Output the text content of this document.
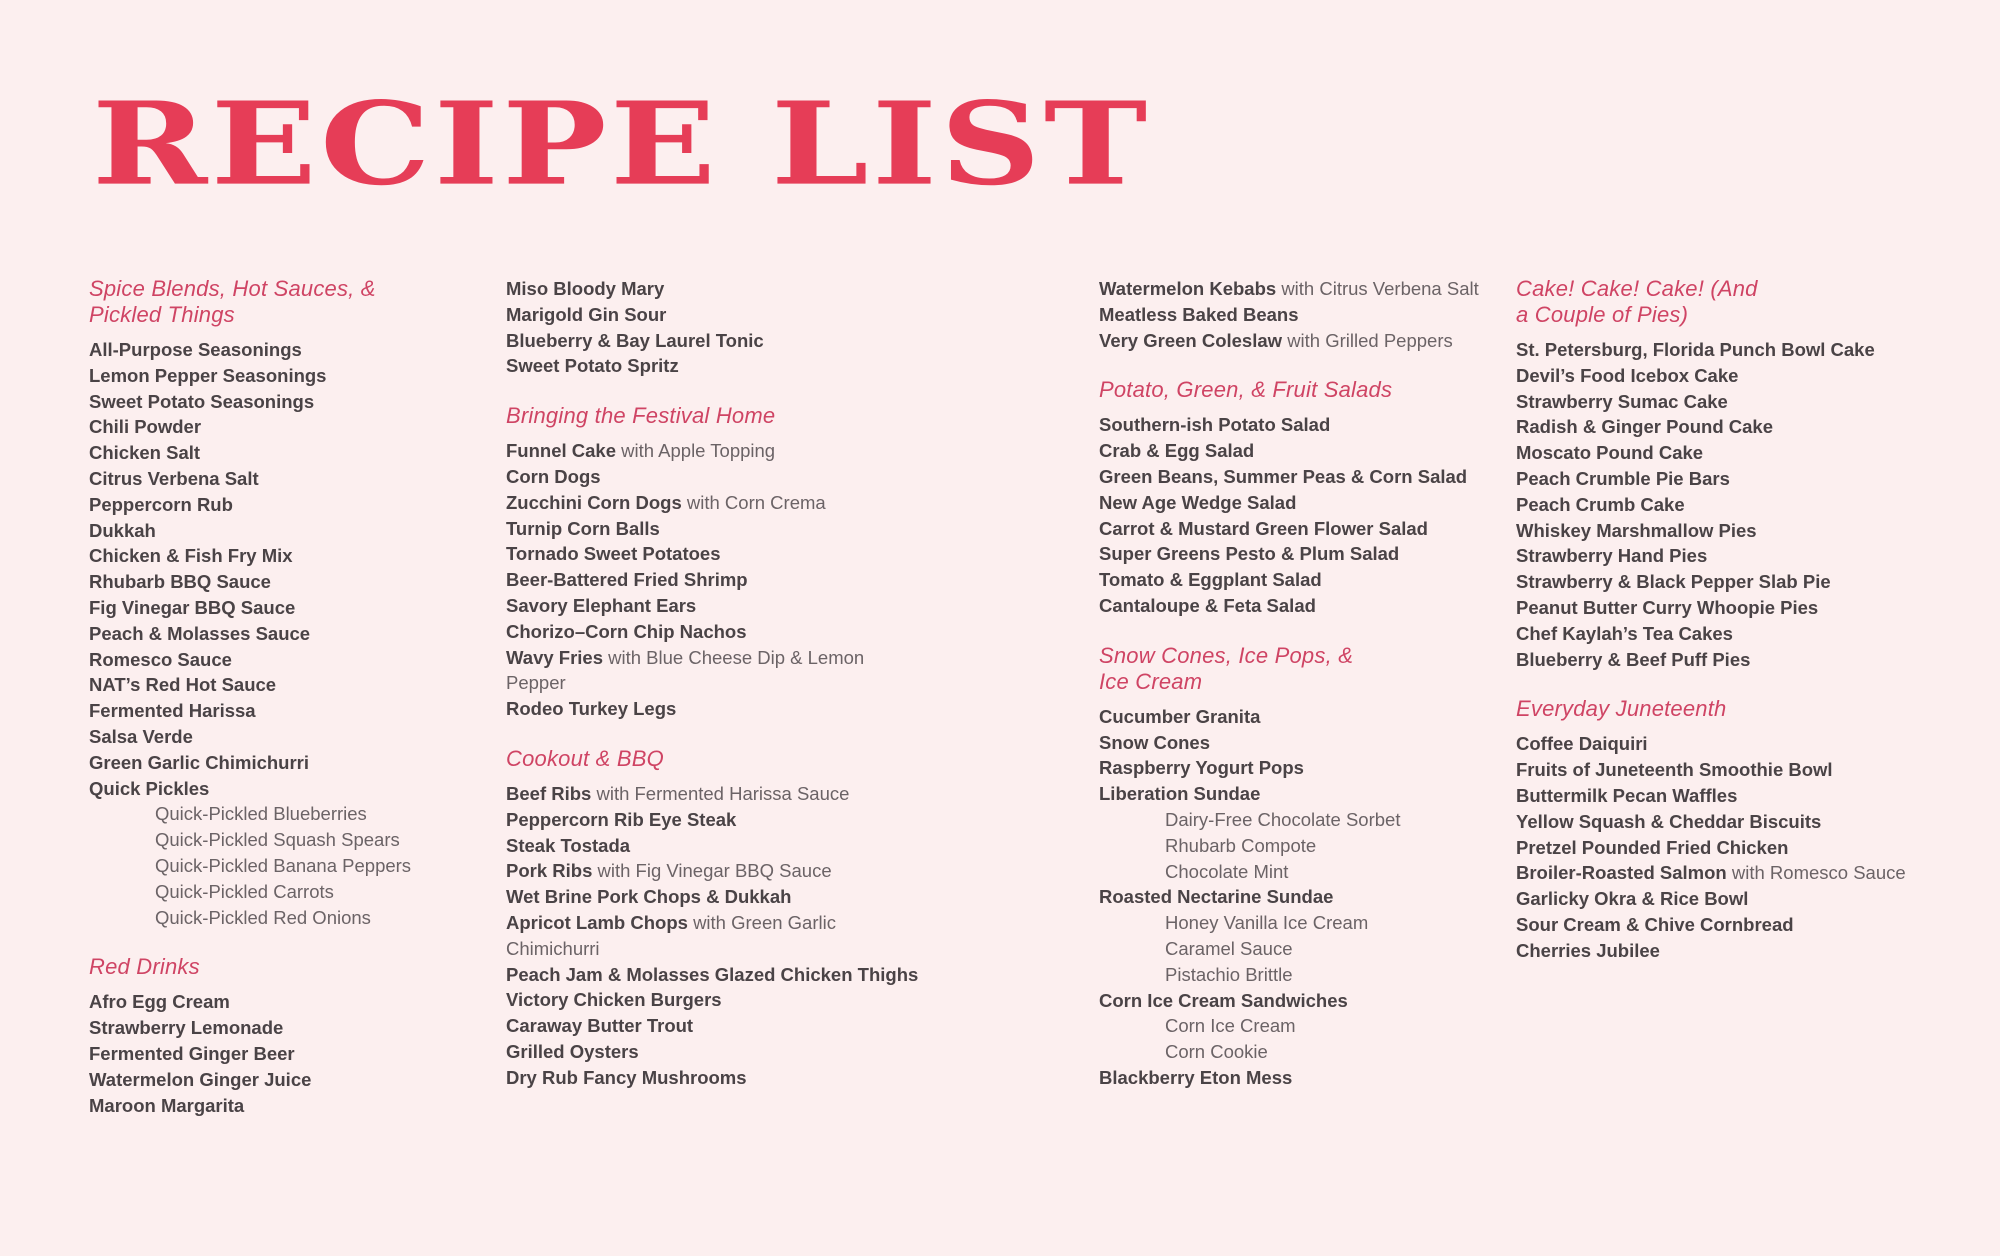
RECIPE LIST
Spice Blends, Hot Sauces, & Pickled Things
All-Purpose Seasonings
Lemon Pepper Seasonings
Sweet Potato Seasonings
Chili Powder
Chicken Salt
Citrus Verbena Salt
Peppercorn Rub
Dukkah
Chicken & Fish Fry Mix
Rhubarb BBQ Sauce
Fig Vinegar BBQ Sauce
Peach & Molasses Sauce
Romesco Sauce
NAT’s Red Hot Sauce
Fermented Harissa
Salsa Verde
Green Garlic Chimichurri
Quick Pickles
Quick-Pickled Blueberries
Quick-Pickled Squash Spears
Quick-Pickled Banana Peppers
Quick-Pickled Carrots
Quick-Pickled Red Onions
Red Drinks
Afro Egg Cream
Strawberry Lemonade
Fermented Ginger Beer
Watermelon Ginger Juice
Maroon Margarita
Miso Bloody Mary
Marigold Gin Sour
Blueberry & Bay Laurel Tonic
Sweet Potato Spritz
Bringing the Festival Home
Funnel Cake with Apple Topping
Corn Dogs
Zucchini Corn Dogs with Corn Crema
Turnip Corn Balls
Tornado Sweet Potatoes
Beer-Battered Fried Shrimp
Savory Elephant Ears
Chorizo–Corn Chip Nachos
Wavy Fries with Blue Cheese Dip & Lemon Pepper
Rodeo Turkey Legs
Cookout & BBQ
Beef Ribs with Fermented Harissa Sauce
Peppercorn Rib Eye Steak
Steak Tostada
Pork Ribs with Fig Vinegar BBQ Sauce
Wet Brine Pork Chops & Dukkah
Apricot Lamb Chops with Green Garlic Chimichurri
Peach Jam & Molasses Glazed Chicken Thighs
Victory Chicken Burgers
Caraway Butter Trout
Grilled Oysters
Dry Rub Fancy Mushrooms
Watermelon Kebabs with Citrus Verbena Salt
Meatless Baked Beans
Very Green Coleslaw with Grilled Peppers
Potato, Green, & Fruit Salads
Southern-ish Potato Salad
Crab & Egg Salad
Green Beans, Summer Peas & Corn Salad
New Age Wedge Salad
Carrot & Mustard Green Flower Salad
Super Greens Pesto & Plum Salad
Tomato & Eggplant Salad
Cantaloupe & Feta Salad
Snow Cones, Ice Pops, & Ice Cream
Cucumber Granita
Snow Cones
Raspberry Yogurt Pops
Liberation Sundae
Dairy-Free Chocolate Sorbet
Rhubarb Compote
Chocolate Mint
Roasted Nectarine Sundae
Honey Vanilla Ice Cream
Caramel Sauce
Pistachio Brittle
Corn Ice Cream Sandwiches
Corn Ice Cream
Corn Cookie
Blackberry Eton Mess
Cake! Cake! Cake! (And a Couple of Pies)
St. Petersburg, Florida Punch Bowl Cake
Devil’s Food Icebox Cake
Strawberry Sumac Cake
Radish & Ginger Pound Cake
Moscato Pound Cake
Peach Crumble Pie Bars
Peach Crumb Cake
Whiskey Marshmallow Pies
Strawberry Hand Pies
Strawberry & Black Pepper Slab Pie
Peanut Butter Curry Whoopie Pies
Chef Kaylah’s Tea Cakes
Blueberry & Beef Puff Pies
Everyday Juneteenth
Coffee Daiquiri
Fruits of Juneteenth Smoothie Bowl
Buttermilk Pecan Waffles
Yellow Squash & Cheddar Biscuits
Pretzel Pounded Fried Chicken
Broiler-Roasted Salmon with Romesco Sauce
Garlicky Okra & Rice Bowl
Sour Cream & Chive Cornbread
Cherries Jubilee
